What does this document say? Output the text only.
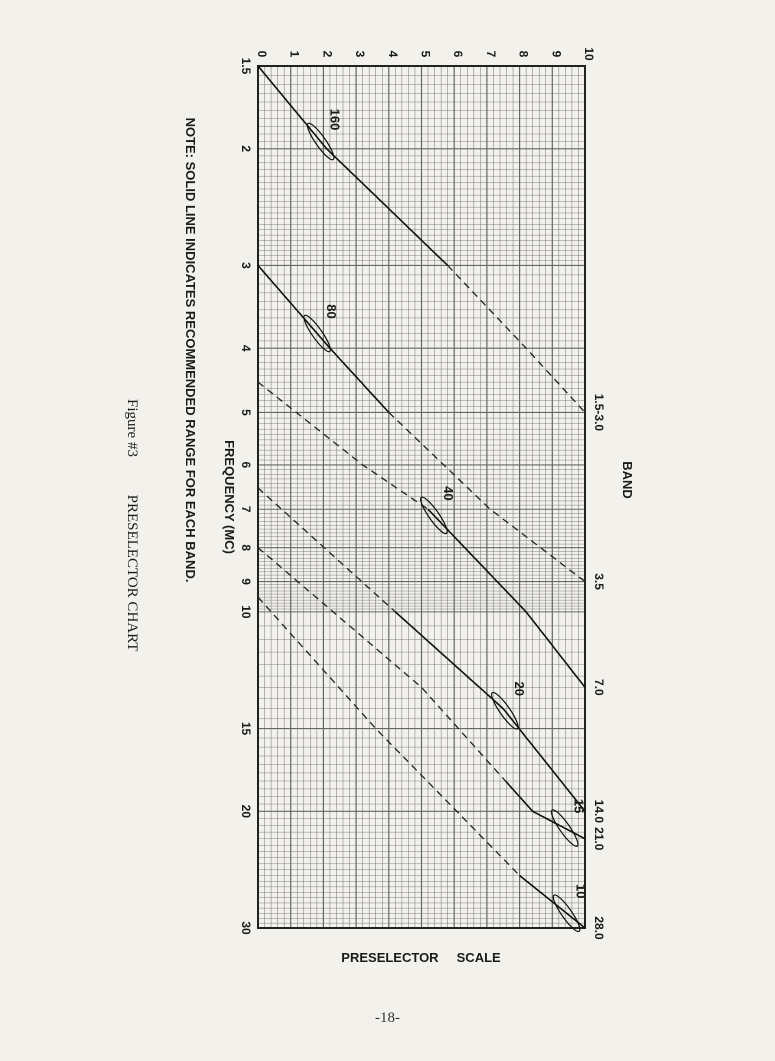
0 1 2 3 4 5 6 7 8 9 10
1.5
2
3
4
5
6
7
8
9
10
15
20
30
160
1.5-3.0
80
3.5
40
7.0
20
14.0
15
21.0
10
28.0
FREQUENCY (MC)	BAND
NOTE: SOLID LINE INDICATES RECOMMENDED RANGE FOR EACH BAND.
PRESELECTOR     SCALE
Figure #3
PRESELECTOR CHART
-18-
